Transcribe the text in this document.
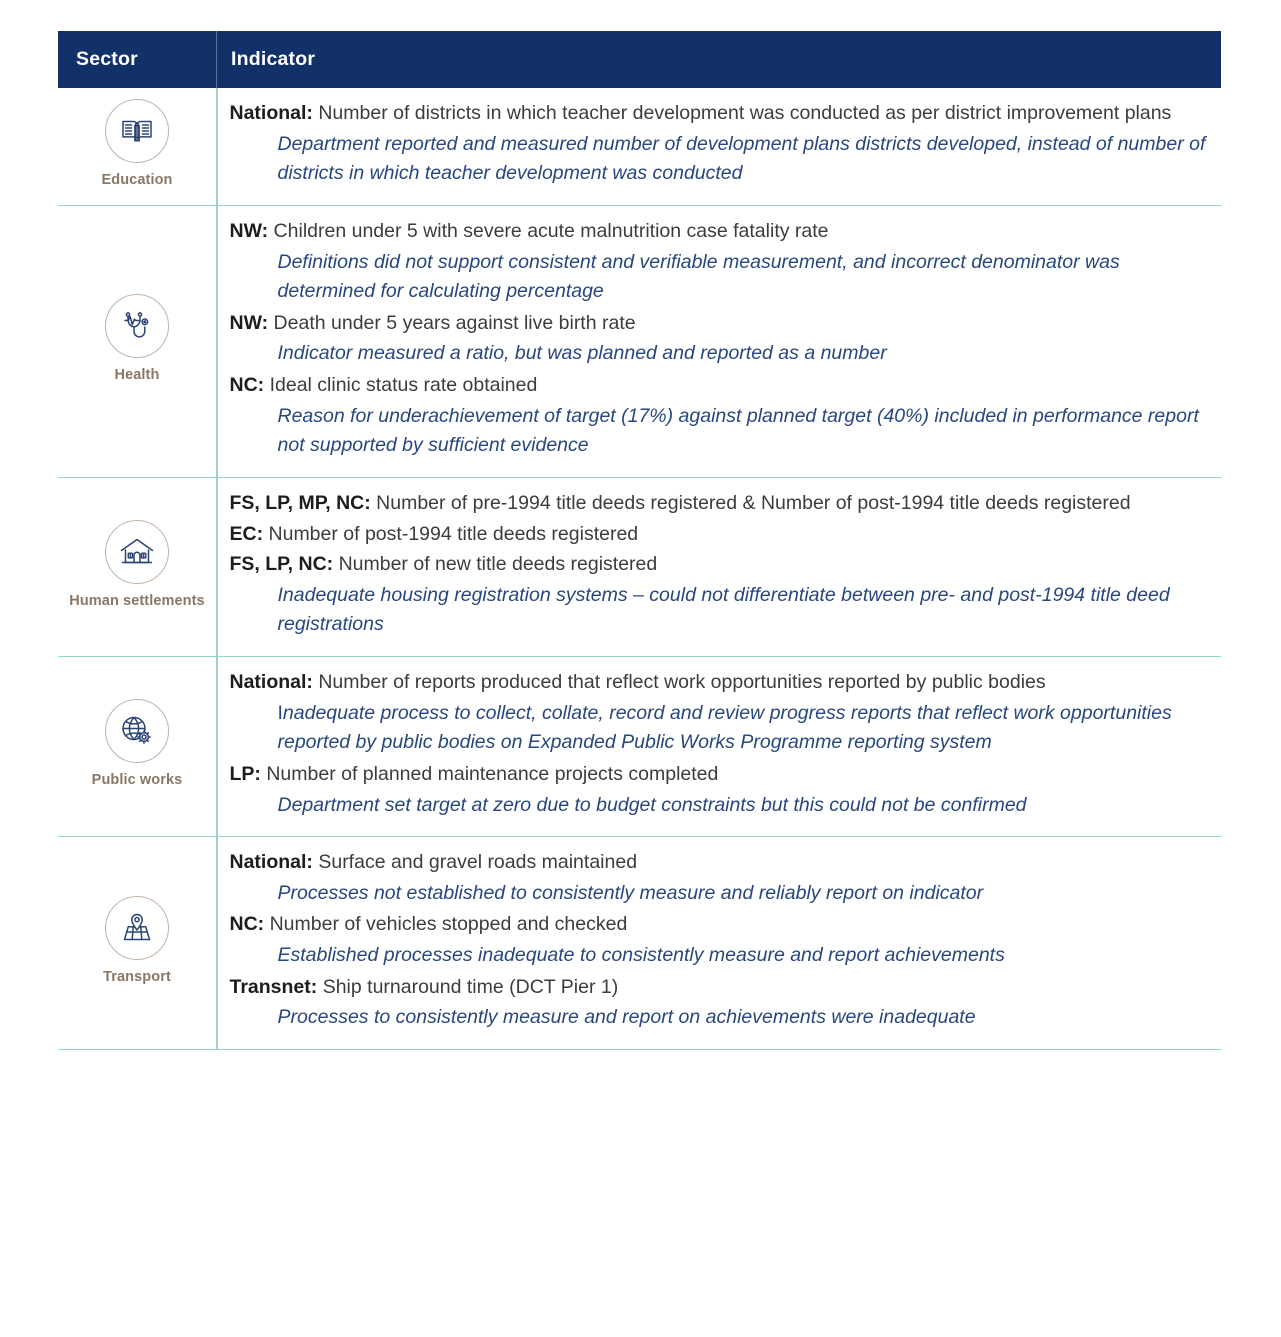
Sector	Indicator
Education

National: Number of districts in which teacher development was conducted as per district improvement plans

Department reported and measured number of development plans districts developed, instead of number of districts in which teacher development was conducted

Health

NW: Children under 5 with severe acute malnutrition case fatality rate

Definitions did not support consistent and verifiable measurement, and incorrect denominator was determined for calculating percentage

NW: Death under 5 years against live birth rate

Indicator measured a ratio, but was planned and reported as a number

NC: Ideal clinic status rate obtained

Reason for underachievement of target (17%) against planned target (40%) included in performance report not supported by sufficient evidence

Human settlements

FS, LP, MP, NC: Number of pre-1994 title deeds registered & Number of post-1994 title deeds registered

EC: Number of post-1994 title deeds registered

FS, LP, NC: Number of new title deeds registered

Inadequate housing registration systems – could not differentiate between pre- and post-1994 title deed registrations

Public works

National: Number of reports produced that reflect work opportunities reported by public bodies

Inadequate process to collect, collate, record and review progress reports that reflect work opportunities reported by public bodies on Expanded Public Works Programme reporting system

LP: Number of planned maintenance projects completed

Department set target at zero due to budget constraints but this could not be confirmed

Transport

National: Surface and gravel roads maintained

Processes not established to consistently measure and reliably report on indicator

NC: Number of vehicles stopped and checked

Established processes inadequate to consistently measure and report achievements

Transnet: Ship turnaround time (DCT Pier 1)

Processes to consistently measure and report on achievements were inadequate
